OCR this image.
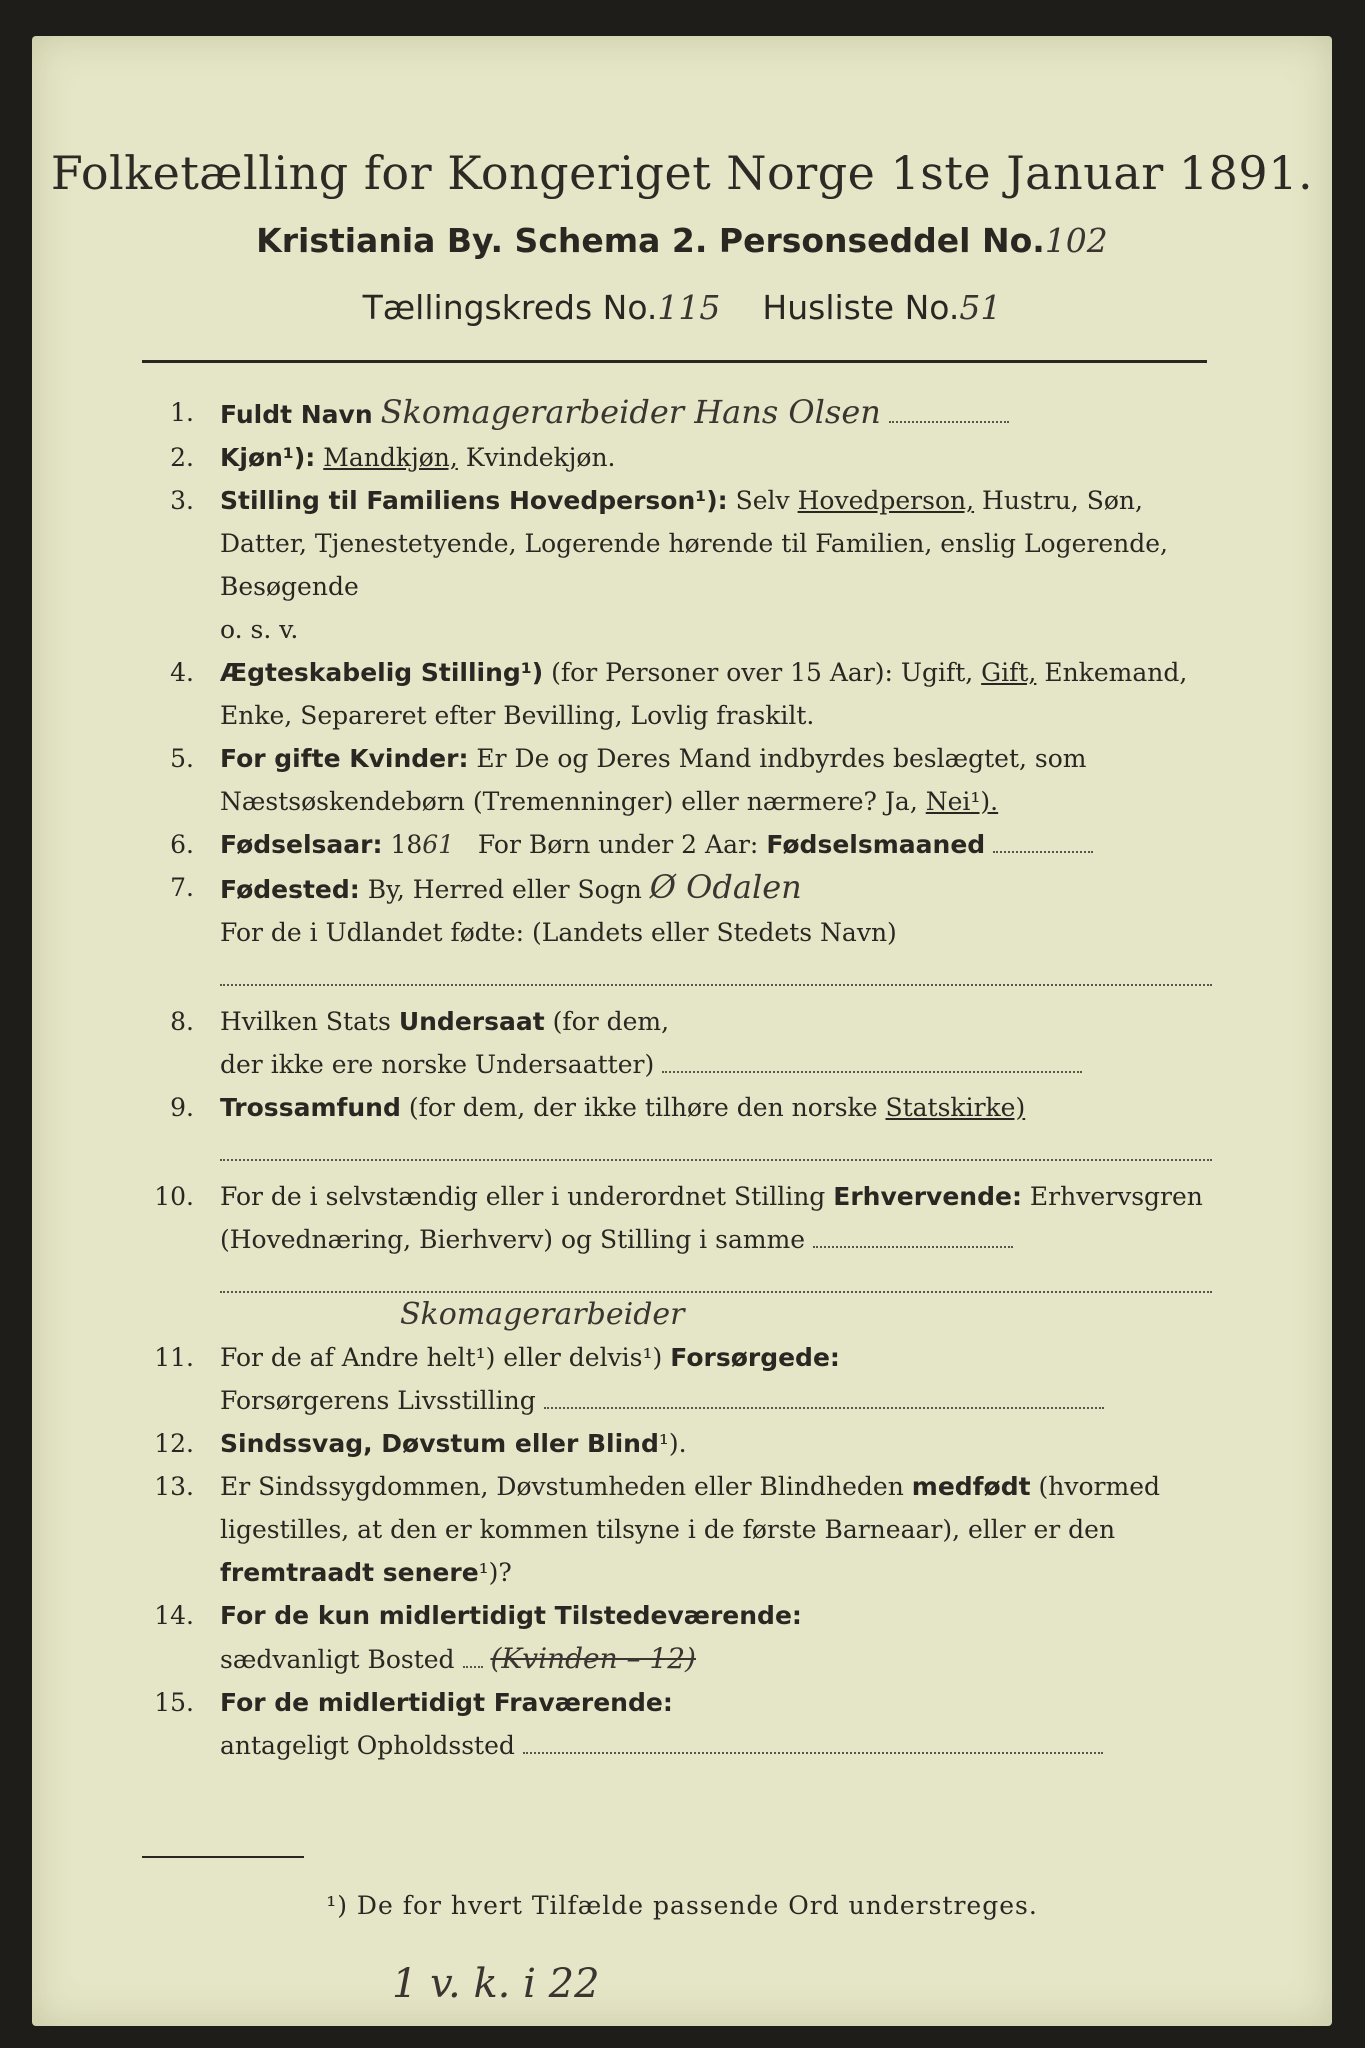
Folketælling for Kongeriget Norge 1ste Januar 1891.
Kristiania By. Schema 2. Personseddel No.102
Tællingskreds No.115 Husliste No.51
1.	Fuldt Navn Skomagerarbeider Hans Olsen
2.	Kjøn¹): Mandkjøn, Kvindekjøn.
3.	Stilling til Familiens Hovedperson¹): Selv Hovedperson, Hustru, Søn, Datter, Tjenestetyende, Logerende hørende til Familien, enslig Logerende, Besøgende
o. s. v.
4.	Ægteskabelig Stilling¹) (for Personer over 15 Aar): Ugift, Gift, Enkemand, Enke, Separeret efter Bevilling, Lovlig fraskilt.
5.	For gifte Kvinder: Er De og Deres Mand indbyrdes beslægtet, som Næstsøskendebørn (Tremenninger) eller nærmere? Ja, Nei¹).
6.	Fødselsaar: 1861 For Børn under 2 Aar: Fødselsmaaned
7.	Fødested: By, Herred eller Sogn Ø Odalen
For de i Udlandet fødte: (Landets eller Stedets Navn)
8.	Hvilken Stats Undersaat (for dem,
der ikke ere norske Undersaatter)
9.	Trossamfund (for dem, der ikke tilhøre den norske Statskirke)
10.	For de i selvstændig eller i underordnet Stilling Erhvervende: Erhvervsgren (Hovednæring, Bierhverv) og Stilling i samme
Skomagerarbeider
11.	For de af Andre helt¹) eller delvis¹) Forsørgede:
Forsørgerens Livsstilling
12.	Sindssvag, Døvstum eller Blind¹).
13.	Er Sindssygdommen, Døvstumheden eller Blindheden medfødt (hvormed ligestilles, at den er kommen tilsyne i de første Barneaar), eller er den fremtraadt senere¹)?
14.	For de kun midlertidigt Tilstedeværende:
sædvanligt Bosted (Kvinden – 12)
15.	For de midlertidigt Fraværende:
antageligt Opholdssted
¹) De for hvert Tilfælde passende Ord understreges.
1 v. k. i 22
